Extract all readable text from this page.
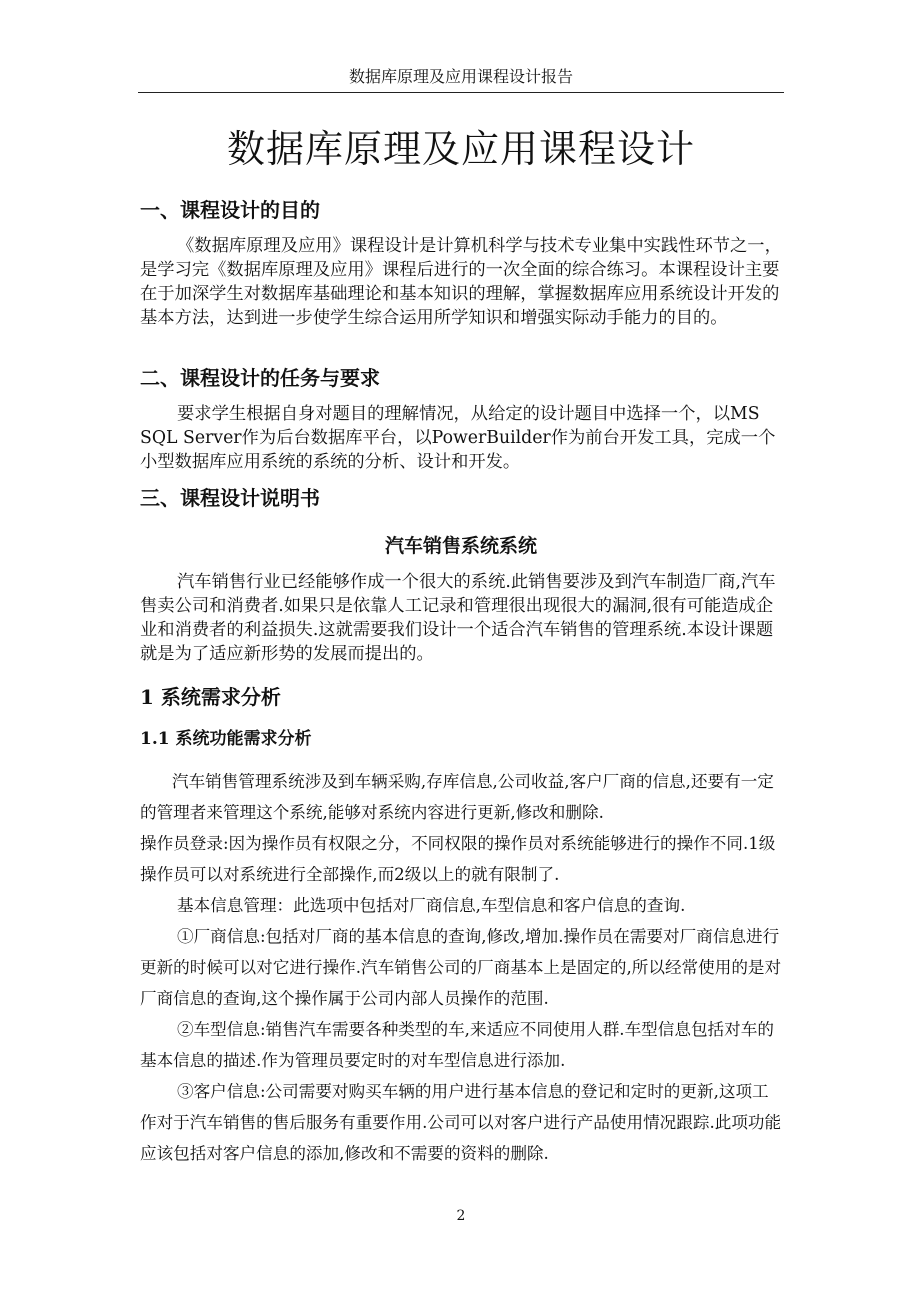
数据库原理及应用课程设计报告
数据库原理及应用课程设计
一、课程设计的目的

《数据库原理及应用》课程设计是计算机科学与技术专业集中实践性环节之一，是学习完《数据库原理及应用》课程后进行的一次全面的综合练习。本课程设计主要在于加深学生对数据库基础理论和基本知识的理解，掌握数据库应用系统设计开发的基本方法，达到进一步使学生综合运用所学知识和增强实际动手能力的目的。

二、课程设计的任务与要求

要求学生根据自身对题目的理解情况，从给定的设计题目中选择一个，以MS SQL Server作为后台数据库平台，以PowerBuilder作为前台开发工具，完成一个小型数据库应用系统的系统的分析、设计和开发。

三、课程设计说明书
汽车销售系统系统

汽车销售行业已经能够作成一个很大的系统.此销售要涉及到汽车制造厂商,汽车售卖公司和消费者.如果只是依靠人工记录和管理很出现很大的漏洞,很有可能造成企业和消费者的利益损失.这就需要我们设计一个适合汽车销售的管理系统.本设计课题就是为了适应新形势的发展而提出的。

1 系统需求分析
1.1 系统功能需求分析

汽车销售管理系统涉及到车辆采购,存库信息,公司收益,客户厂商的信息,还要有一定的管理者来管理这个系统,能够对系统内容进行更新,修改和删除.

操作员登录:因为操作员有权限之分，不同权限的操作员对系统能够进行的操作不同.1级操作员可以对系统进行全部操作,而2级以上的就有限制了.

基本信息管理：此选项中包括对厂商信息,车型信息和客户信息的查询.

①厂商信息:包括对厂商的基本信息的查询,修改,增加.操作员在需要对厂商信息进行更新的时候可以对它进行操作.汽车销售公司的厂商基本上是固定的,所以经常使用的是对厂商信息的查询,这个操作属于公司内部人员操作的范围.

②车型信息:销售汽车需要各种类型的车,来适应不同使用人群.车型信息包括对车的基本信息的描述.作为管理员要定时的对车型信息进行添加.

③客户信息:公司需要对购买车辆的用户进行基本信息的登记和定时的更新,这项工作对于汽车销售的售后服务有重要作用.公司可以对客户进行产品使用情况跟踪.此项功能应该包括对客户信息的添加,修改和不需要的资料的删除.

2
